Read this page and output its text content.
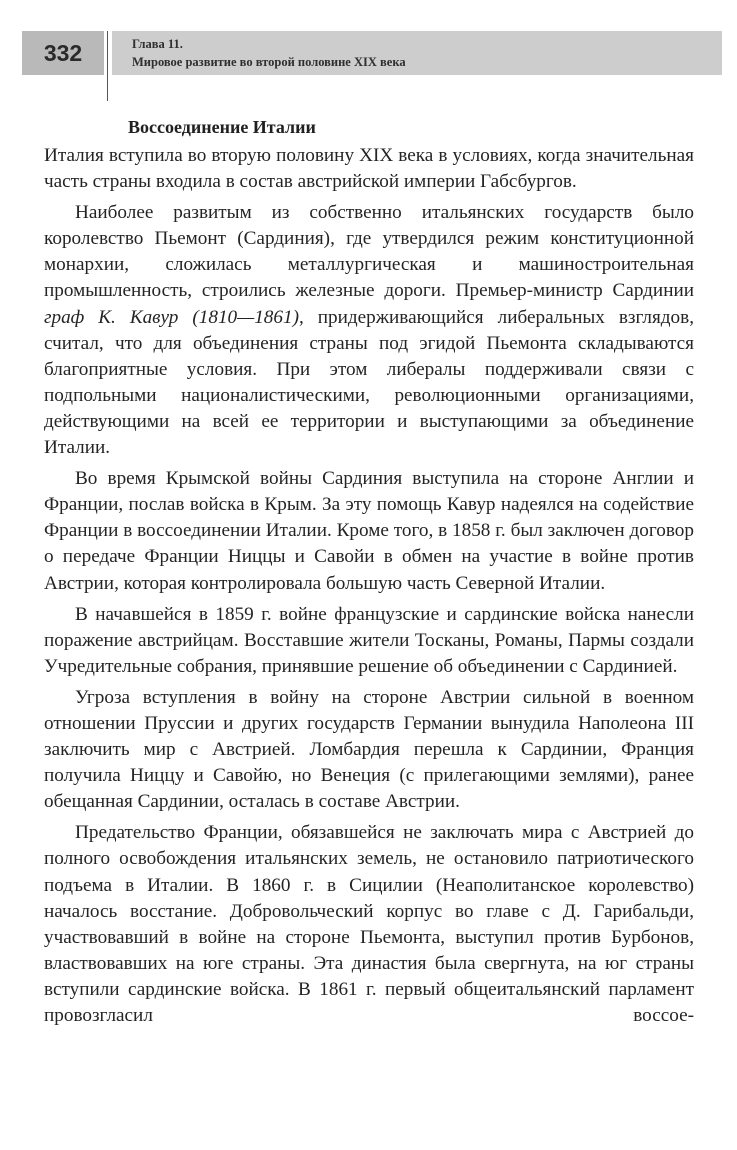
332	Глава 11.
Мировое развитие во второй половине XIX века
Воссоединение Италии

Италия вступила во вторую половину XIX века в условиях, когда значительная часть страны входила в состав австрийской империи Габсбургов.

Наиболее развитым из собственно итальянских государств было королевство Пьемонт (Сардиния), где утвердился режим конституционной монархии, сложилась металлургическая и машиностроительная промышленность, строились железные дороги. Премьер-министр Сардинии граф К. Кавур (1810—1861), придерживающийся либеральных взглядов, считал, что для объединения страны под эгидой Пьемонта складываются благоприятные условия. При этом либералы поддерживали связи с подпольными националистическими, революционными организациями, действующими на всей ее территории и выступающими за объединение Италии.

Во время Крымской войны Сардиния выступила на стороне Англии и Франции, послав войска в Крым. За эту помощь Кавур надеялся на содействие Франции в воссоединении Италии. Кроме того, в 1858 г. был заключен договор о передаче Франции Ниццы и Савойи в обмен на участие в войне против Австрии, которая контролировала большую часть Северной Италии.

В начавшейся в 1859 г. войне французские и сардинские войска нанесли поражение австрийцам. Восставшие жители Тосканы, Романы, Пармы создали Учредительные собрания, принявшие решение об объединении с Сардинией.

Угроза вступления в войну на стороне Австрии сильной в военном отношении Пруссии и других государств Германии вынудила Наполеона III заключить мир с Австрией. Ломбардия перешла к Сардинии, Франция получила Ниццу и Савойю, но Венеция (с прилегающими землями), ранее обещанная Сардинии, осталась в составе Австрии.

Предательство Франции, обязавшейся не заключать мира с Австрией до полного освобождения итальянских земель, не остановило патриотического подъема в Италии. В 1860 г. в Сицилии (Неаполитанское королевство) началось восстание. Добровольческий корпус во главе с Д. Гарибальди, участвовавший в войне на стороне Пьемонта, выступил против Бурбонов, властвовавших на юге страны. Эта династия была свергнута, на юг страны вступили сардинские войска. В 1861 г. первый общеитальянский парламент провозгласил воссое-
